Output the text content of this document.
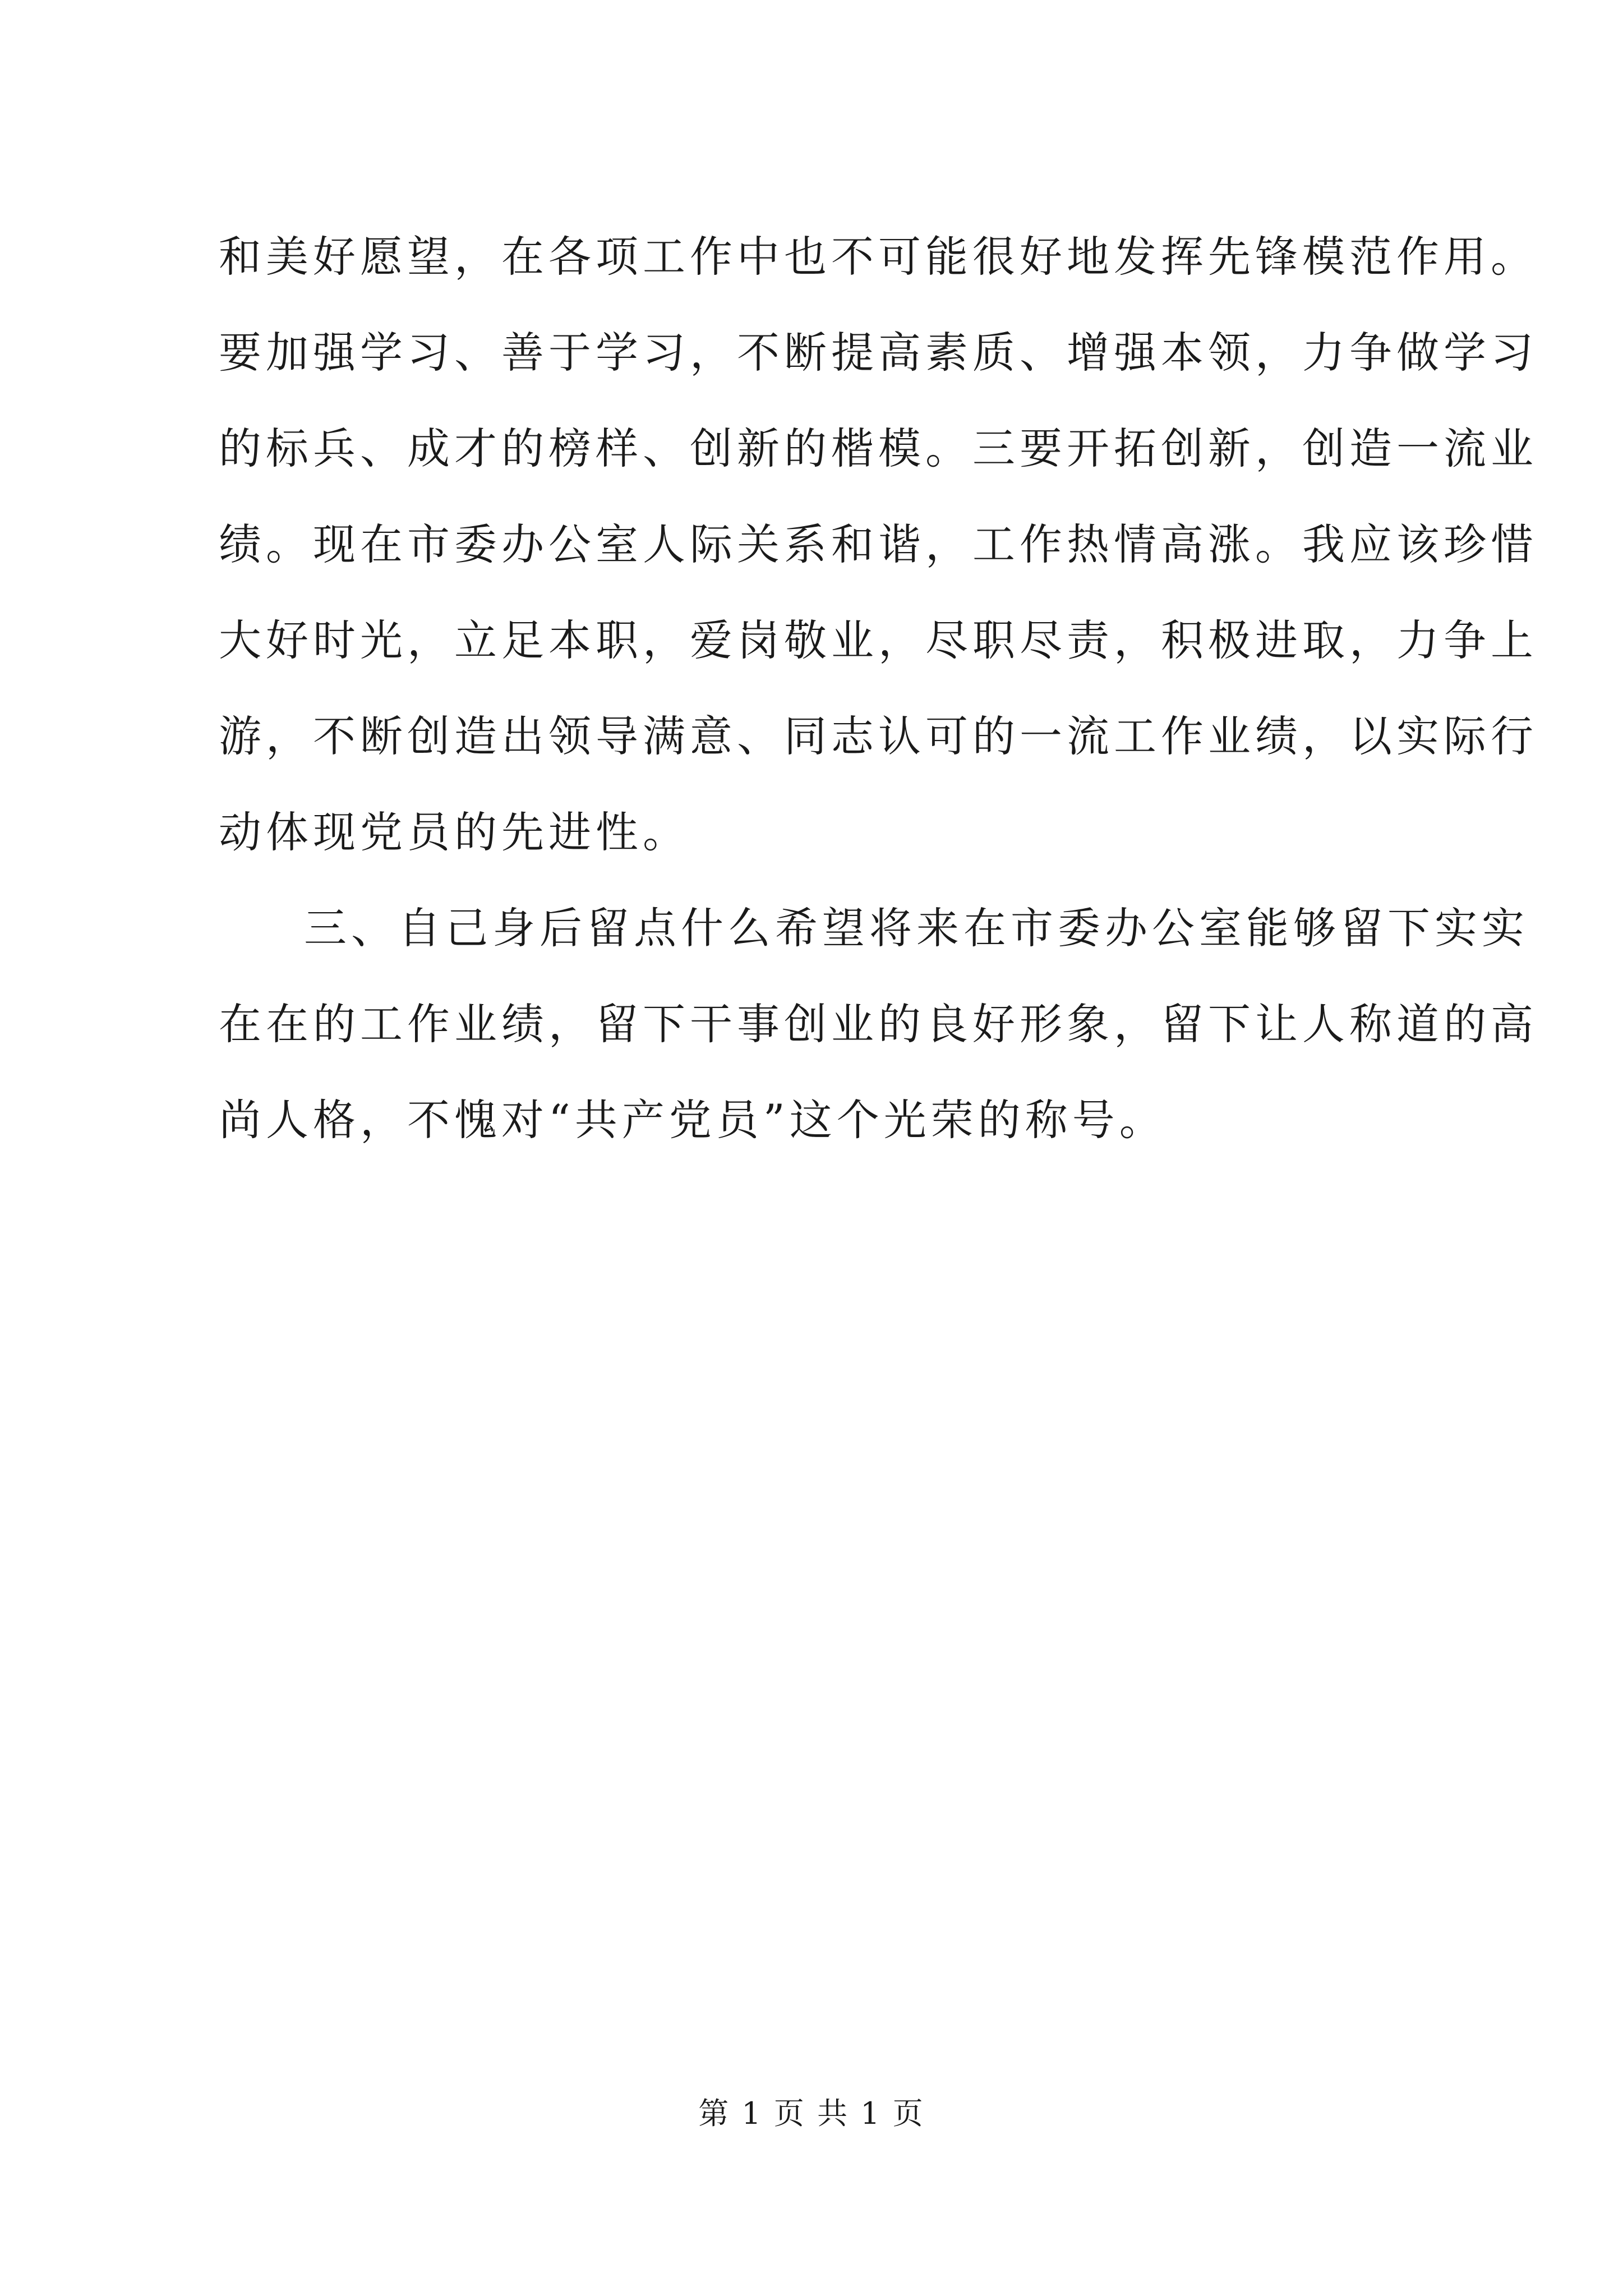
和美好愿望，在各项工作中也不可能很好地发挥先锋模范作用。
要加强学习、善于学习，不断提高素质、增强本领，力争做学习
的标兵、成才的榜样、创新的楷模。三要开拓创新，创造一流业
绩。现在市委办公室人际关系和谐，工作热情高涨。我应该珍惜
大好时光，立足本职，爱岗敬业，尽职尽责，积极进取，力争上
游，不断创造出领导满意、同志认可的一流工作业绩，以实际行
动体现党员的先进性。
三、自己身后留点什么希望将来在市委办公室能够留下实实
在在的工作业绩，留下干事创业的良好形象，留下让人称道的高
尚人格，不愧对“共产党员”这个光荣的称号。
第 1 页 共 1 页
